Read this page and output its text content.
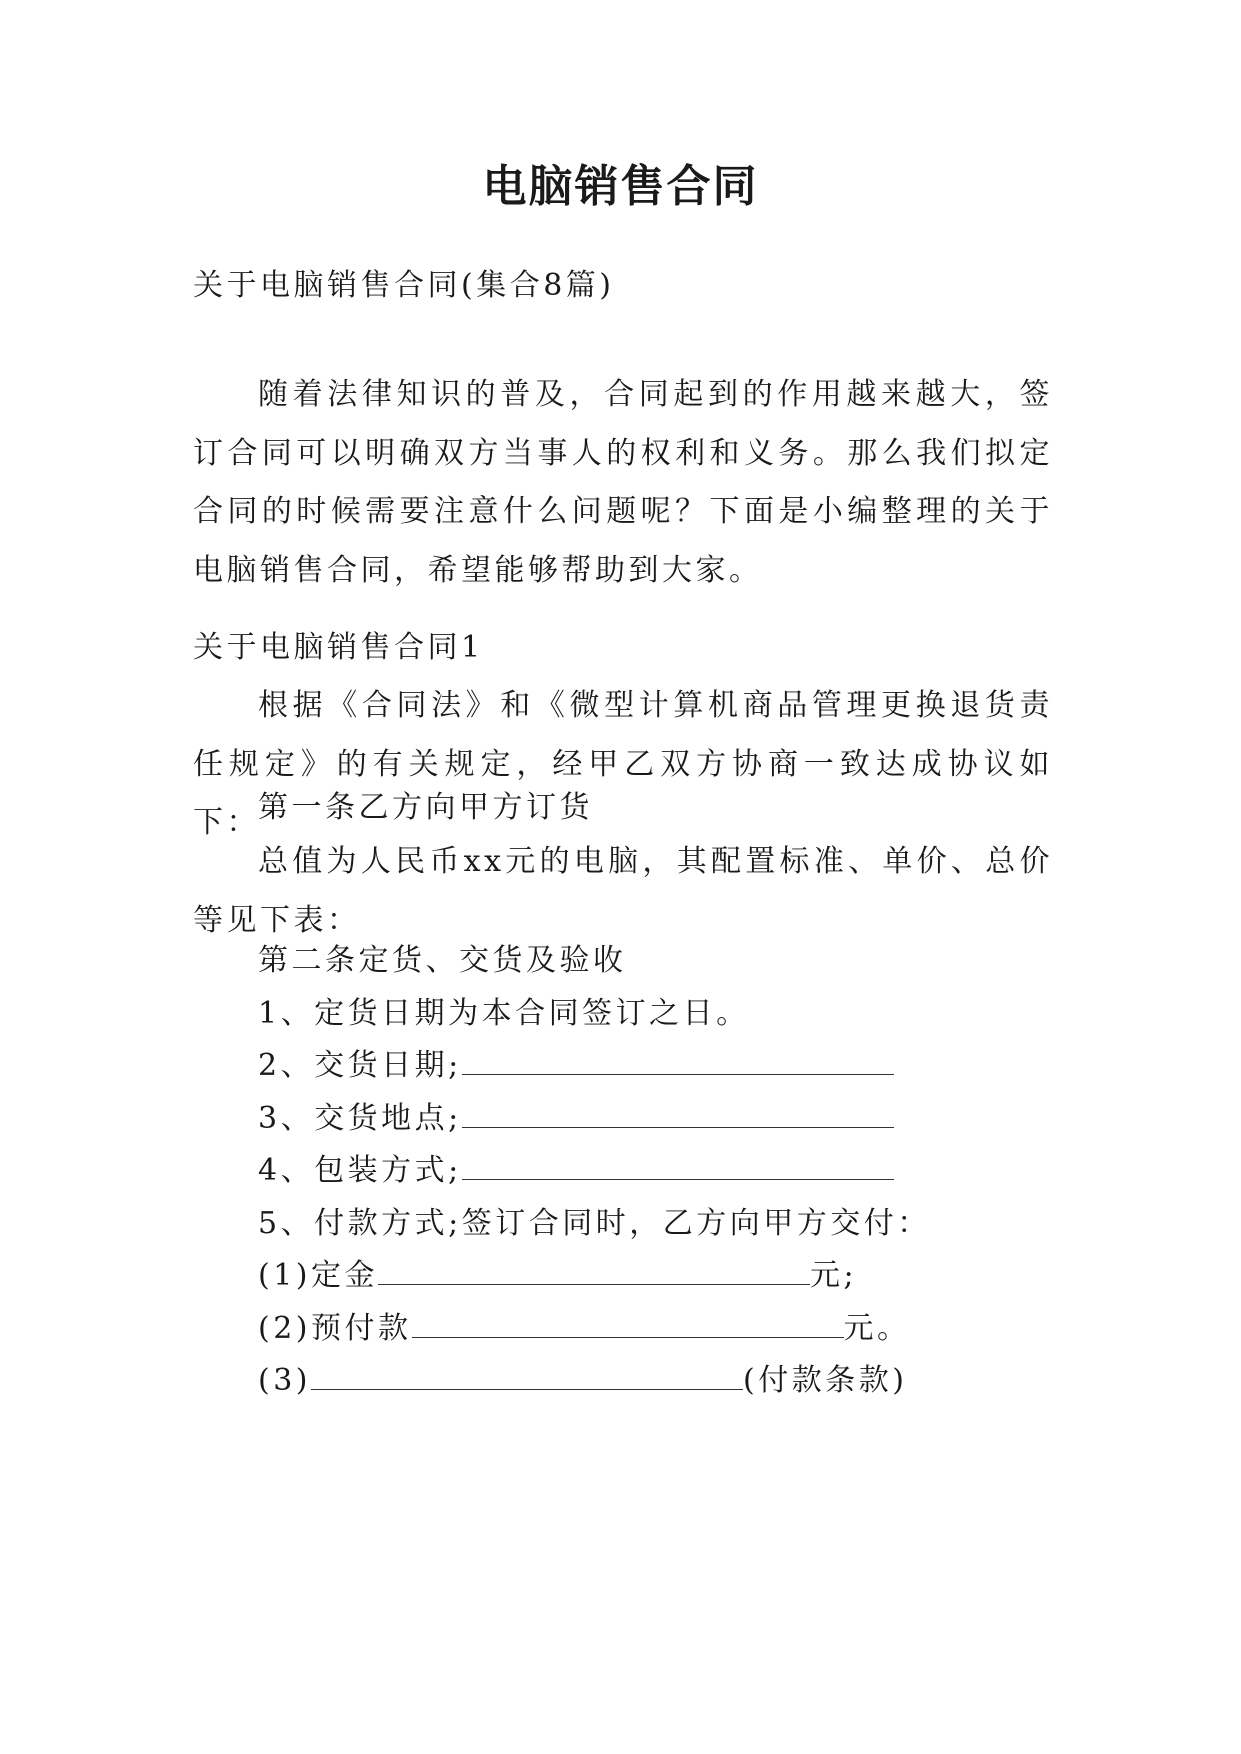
电脑销售合同

关于电脑销售合同(集合8篇)

随着法律知识的普及，合同起到的作用越来越大，签订合同可以明确双方当事人的权利和义务。那么我们拟定合同的时候需要注意什么问题呢？下面是小编整理的关于电脑销售合同，希望能够帮助到大家。

关于电脑销售合同1

根据《合同法》和《微型计算机商品管理更换退货责任规定》的有关规定，经甲乙双方协商一致达成协议如下：

第一条乙方向甲方订货

总值为人民币xx元的电脑，其配置标准、单价、总价等见下表：

第二条定货、交货及验收

1、定货日期为本合同签订之日。

2、交货日期;

3、交货地点;

4、包装方式;

5、付款方式;签订合同时，乙方向甲方交付：

(1)定金	元;

(2)预付款	元。

(3)	(付款条款)
